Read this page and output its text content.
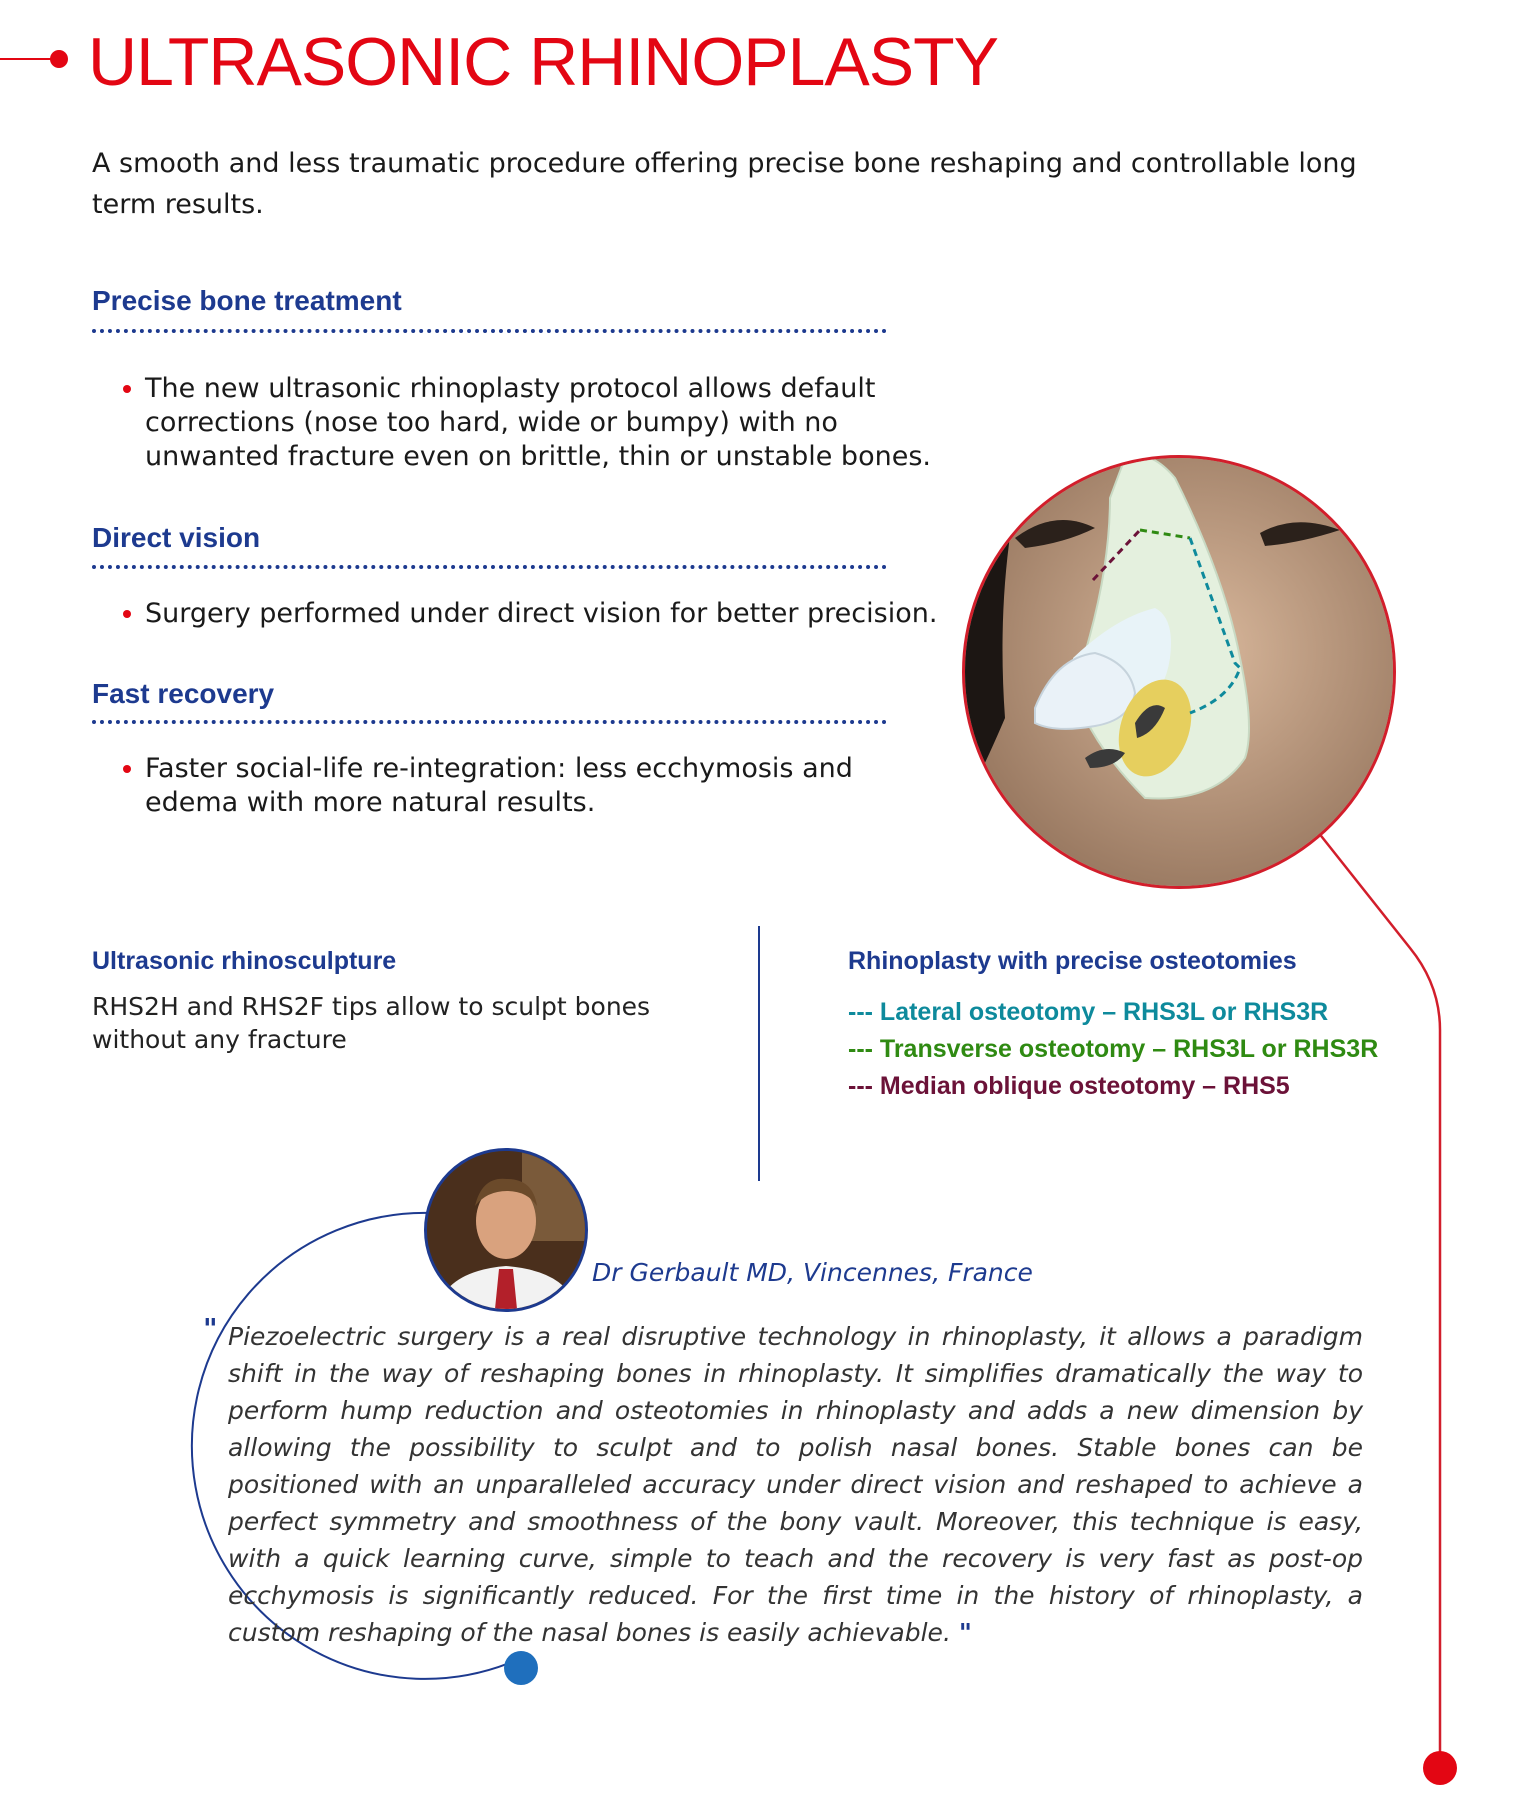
ULTRASONIC RHINOPLASTY
A smooth and less traumatic procedure offering precise bone reshaping and controllable long term results.
Precise bone treatment
The new ultrasonic rhinoplasty protocol allows default corrections (nose too hard, wide or bumpy) with no unwanted fracture even on brittle, thin or unstable bones.
Direct vision
Surgery performed under direct vision for better precision.
Fast recovery
Faster social-life re-integration: less ecchymosis and edema with more natural results.
Ultrasonic rhinosculpture
RHS2H and RHS2F tips allow to sculpt bones without any fracture
Rhinoplasty with precise osteotomies
--- Lateral osteotomy – RHS3L or RHS3R
--- Transverse osteotomy – RHS3L or RHS3R
--- Median oblique osteotomy – RHS5
Dr Gerbault MD, Vincennes, France
" Piezoelectric surgery is a real disruptive technology in rhinoplasty, it allows a paradigm shift in the way of reshaping bones in rhinoplasty. It simplifies dramatically the way to perform hump reduction and osteotomies in rhinoplasty and adds a new dimension by allowing the possibility to sculpt and to polish nasal bones. Stable bones can be positioned with an unparalleled accuracy under direct vision and reshaped to achieve a perfect symmetry and smoothness of the bony vault. Moreover, this technique is easy, with a quick learning curve, simple to teach and the recovery is very fast as post-op ecchymosis is significantly reduced. For the first time in the history of rhinoplasty, a custom reshaping of the nasal bones is easily achievable. "
